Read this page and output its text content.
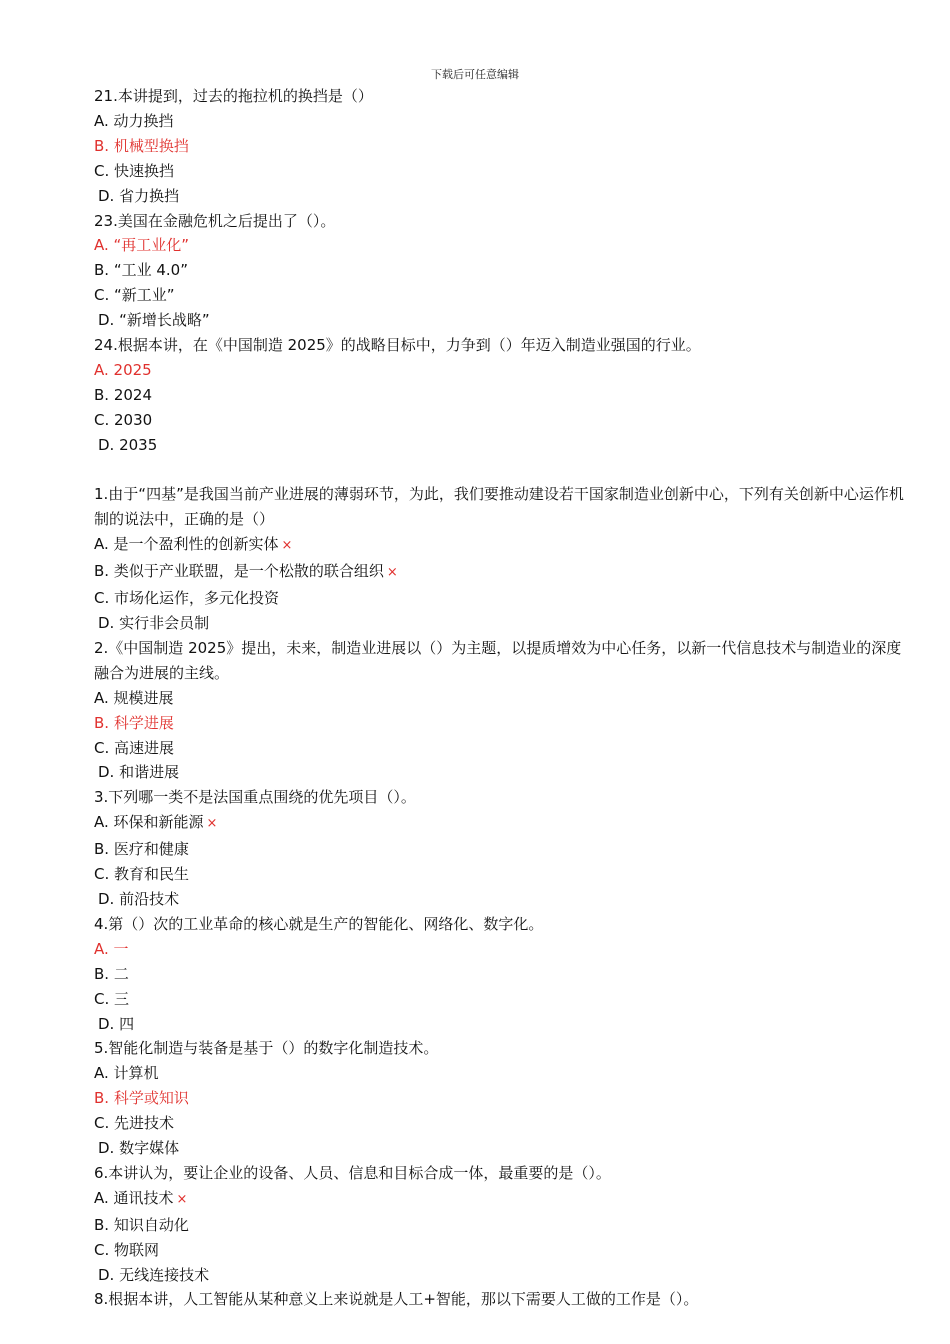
下载后可任意编辑
21.本讲提到，过去的拖拉机的换挡是（）
A. 动力换挡
B. 机械型换挡
C. 快速换挡
D. 省力换挡
23.美国在金融危机之后提出了（）。
A. “再工业化”
B. “工业 4.0”
C. “新工业”
D. “新增长战略”
24.根据本讲，在《中国制造 2025》的战略目标中，力争到（）年迈入制造业强国的行业。
A. 2025
B. 2024
C. 2030
D. 2035
1.由于“四基”是我国当前产业进展的薄弱环节，为此，我们要推动建设若干国家制造业创新中心，下列有关创新中心运作机制的说法中，正确的是（）
A. 是一个盈利性的创新实体 ×
B. 类似于产业联盟，是一个松散的联合组织 ×
C. 市场化运作，多元化投资
D. 实行非会员制
2.《中国制造 2025》提出，未来，制造业进展以（）为主题，以提质增效为中心任务，以新一代信息技术与制造业的深度融合为进展的主线。
A. 规模进展
B. 科学进展
C. 高速进展
D. 和谐进展
3.下列哪一类不是法国重点围绕的优先项目（）。
A. 环保和新能源 ×
B. 医疗和健康
C. 教育和民生
D. 前沿技术
4.第（）次的工业革命的核心就是生产的智能化、网络化、数字化。
A. 一
B. 二
C. 三
D. 四
5.智能化制造与装备是基于（）的数字化制造技术。
A. 计算机
B. 科学或知识
C. 先进技术
D. 数字媒体
6.本讲认为，要让企业的设备、人员、信息和目标合成一体，最重要的是（）。
A. 通讯技术 ×
B. 知识自动化
C. 物联网
D. 无线连接技术
8.根据本讲，人工智能从某种意义上来说就是人工+智能，那以下需要人工做的工作是（）。
